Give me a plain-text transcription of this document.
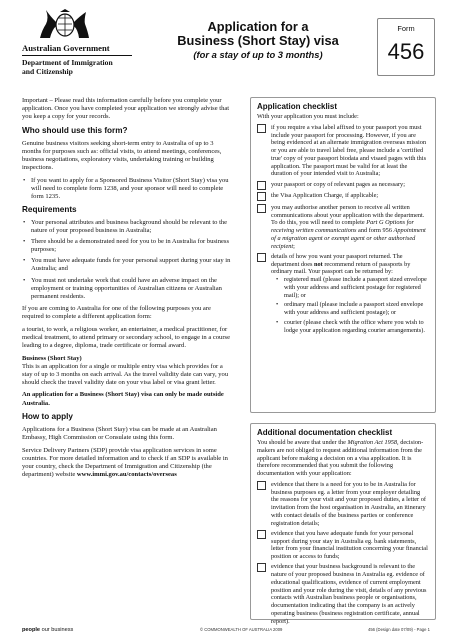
Australian Government
Department of Immigration
and Citizenship
Application for a
Business (Short Stay) visa
(for a stay of up to 3 months)
Form
456

Important – Please read this information carefully before you complete your application. Once you have completed your application we strongly advise that you keep a copy for your records.

Who should use this form?

Genuine business visitors seeking short-term entry to Australia of up to 3 months for purposes such as: official visits, to attend meetings, conferences, business negotiations, exploratory visits, undertaking training or building inspections.

• If you want to apply for a Sponsored Business Visitor (Short Stay) visa you will need to complete form 1238, and your sponsor will need to complete form 1235.
Requirements
• Your personal attributes and business background should be relevant to the nature of your proposed business in Australia;
• There should be a demonstrated need for you to be in Australia for business purposes;
• You must have adequate funds for your personal support during your stay in Australia; and
• You must not undertake work that could have an adverse impact on the employment or training opportunities of Australian citizens or Australian permanent residents.

If you are coming to Australia for one of the following purposes you are required to complete a different application form:

a tourist, to work, a religious worker, an entertainer, a medical practitioner, for medical treatment, to attend primary or secondary school, to engage in a course leading to a degree, diploma, trade certificate or formal award.

Business (Short Stay)

This is an application for a single or multiple entry visa which provides for a stay of up to 3 months on each arrival. As the travel validity date can vary, you should check the travel validity date on your visa label or visa grant letter.

An application for a Business (Short Stay) visa can only be made outside Australia.

How to apply

Applications for a Business (Short Stay) visa can be made at an Australian Embassy, High Commission or Consulate using this form.

Service Delivery Partners (SDP) provide visa application services in some countries. For more detailed information and to check if an SDP is available in your country, check the Department of Immigration and Citizenship (the department) website www.immi.gov.au/contacts/overseas

Application checklist
With your application you must include:
if you require a visa label affixed to your passport you must include your passport for processing. However, if you are being evidenced at an alternate immigration overseas mission or you are able to travel label free, please include a 'certified true' copy of your passport biodata and visaed pages with this application. The passport must be valid for at least the duration of your intended visit to Australia;
your passport or copy of relevant pages as necessary;
the Visa Application Charge, if applicable;
you may authorise another person to receive all written communications about your application with the department. To do this, you will need to complete Part G Options for receiving written communications and form 956 Appointment of a migration agent or exempt agent or other authorised recipient;
details of how you want your passport returned. The department does not recommend return of passports by ordinary mail. Your passport can be returned by:
• registered mail (please include a passport sized envelope with your address and sufficient postage for registered mail); or
• ordinary mail (please include a passport sized envelope with your address and sufficient postage); or
• courier (please check with the office where you wish to lodge your application regarding courier arrangements).
Additional documentation checklist
You should be aware that under the Migration Act 1958, decision-makers are not obliged to request additional information from the applicant before making a decision on a visa application. It is therefore recommended that you submit the following documentation with your application:
evidence that there is a need for you to be in Australia for business purposes eg. a letter from your employer detailing the reasons for your visit and your proposed duties, a letter of invitation from the host organisation in Australia, an itinerary with contact details of the business parties or conference registration details;
evidence that you have adequate funds for your personal support during your stay in Australia eg. bank statements, letter from your financial institution concerning your financial position or access to funds;
evidence that your business background is relevant to the nature of your proposed business in Australia eg. evidence of educational qualifications, evidence of current employment position and your role during the visit, details of any previous contacts with Australian business people or organisations, documentation indicating that the company is an actively operating business (business registration certificate, annual report).
people our business	© COMMONWEALTH OF AUSTRALIA 2009	456 (Design date 07/09) - Page 1
